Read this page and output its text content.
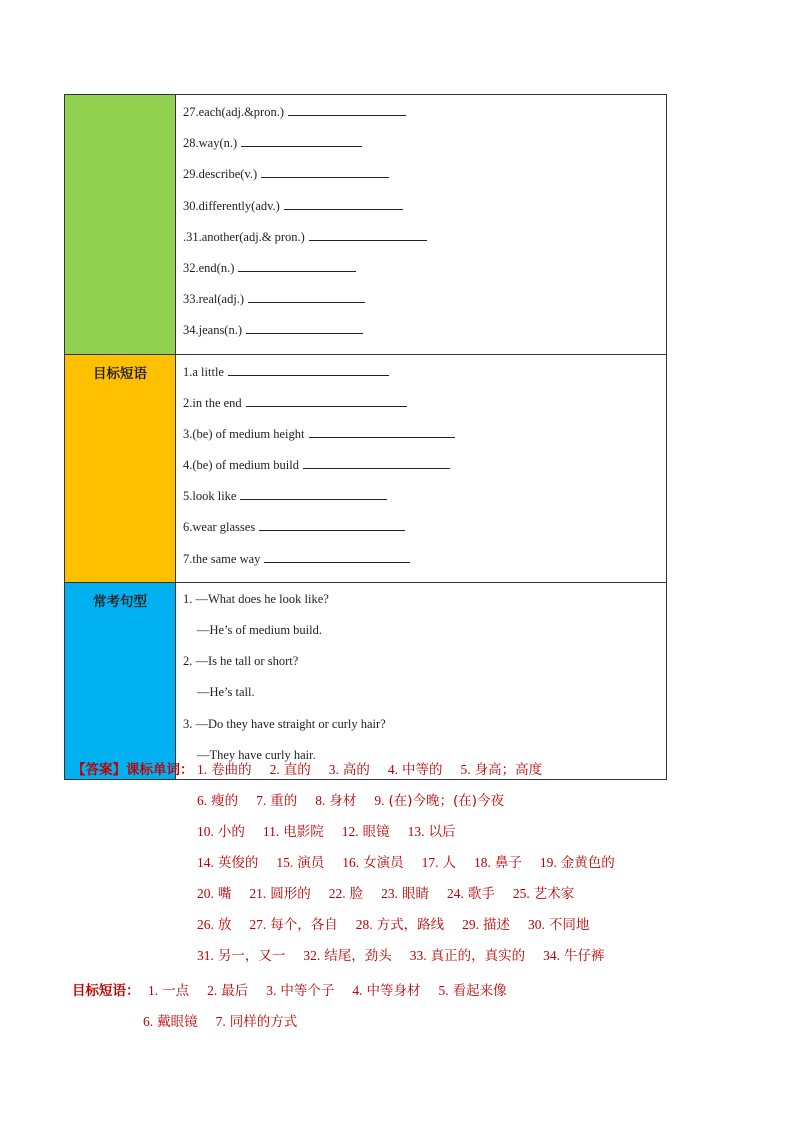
27.each(adj.&pron.)
28.way(n.)
29.describe(v.)
30.differently(adv.)
.31.another(adj.& pron.)
32.end(n.)
33.real(adj.)
34.jeans(n.)
目标短语	1.a little
2.in the end
3.(be) of medium height
4.(be) of medium build
5.look like
6.wear glasses
7.the same way
常考句型	1. —What does he look like?
—He’s of medium build.
2. —Is he tall or short?
—He’s tall.
3. —Do they have straight or curly hair?
—They have curly hair.
1. 卷曲的 2. 直的 3. 高的 4. 中等的 5. 身高；高度
6. 瘦的 7. 重的 8. 身材 9. (在)今晚；(在)今夜
10. 小的 11. 电影院 12. 眼镜 13. 以后
14. 英俊的 15. 演员 16. 女演员 17. 人 18. 鼻子 19. 金黄色的
20. 嘴 21. 圆形的 22. 脸 23. 眼睛 24. 歌手 25. 艺术家
26. 放 27. 每个，各自 28. 方式，路线 29. 描述 30. 不同地
31. 另一，又一 32. 结尾，劲头 33. 真正的，真实的 34. 牛仔裤
【答案】课标单词：
目标短语： 1. 一点 2. 最后 3. 中等个子 4. 中等身材 5. 看起来像
6. 戴眼镜 7. 同样的方式
